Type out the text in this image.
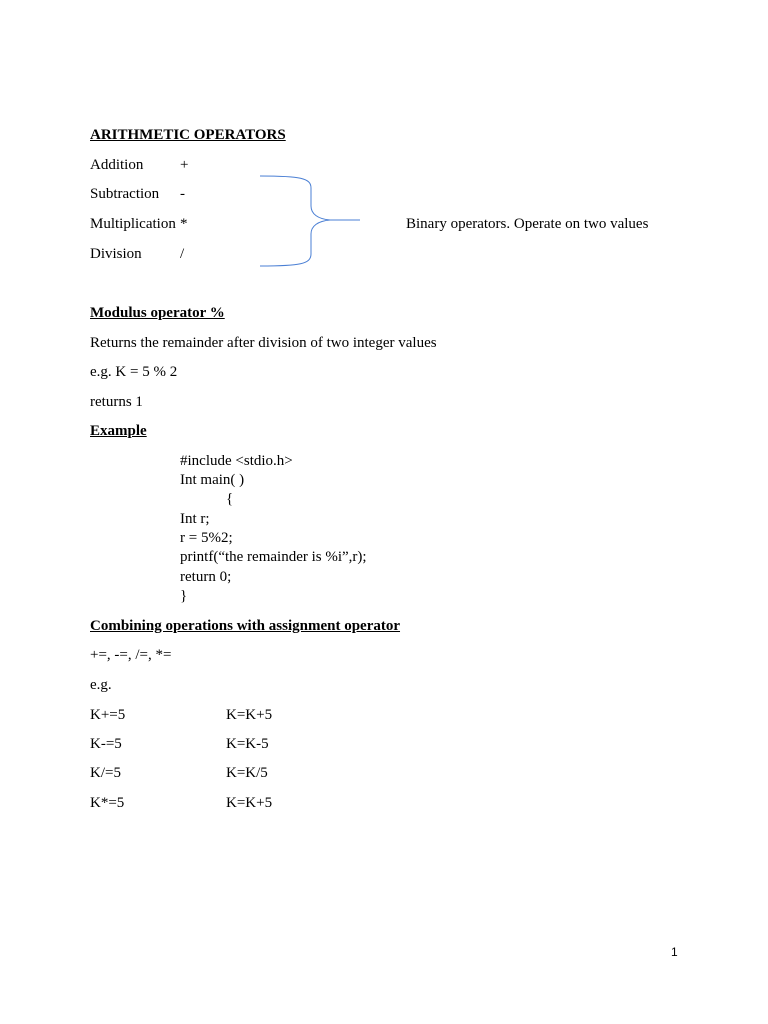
ARITHMETIC OPERATORS
Addition +
Subtraction -
Multiplication *
Division	/
Binary operators. Operate on two values
Modulus operator %
Returns the remainder after division of two integer values
e.g. K = 5 % 2
returns 1
Example
#include <stdio.h>
Int main( )
{
Int r;
r = 5%2;
printf(“the remainder is %i”,r);
return 0;
}
Combining operations with assignment operator
+=, -=, /=, *=
e.g.
K+=5	K=K+5
K-=5	K=K-5
K/=5	K=K/5
K*=5	K=K+5
1
